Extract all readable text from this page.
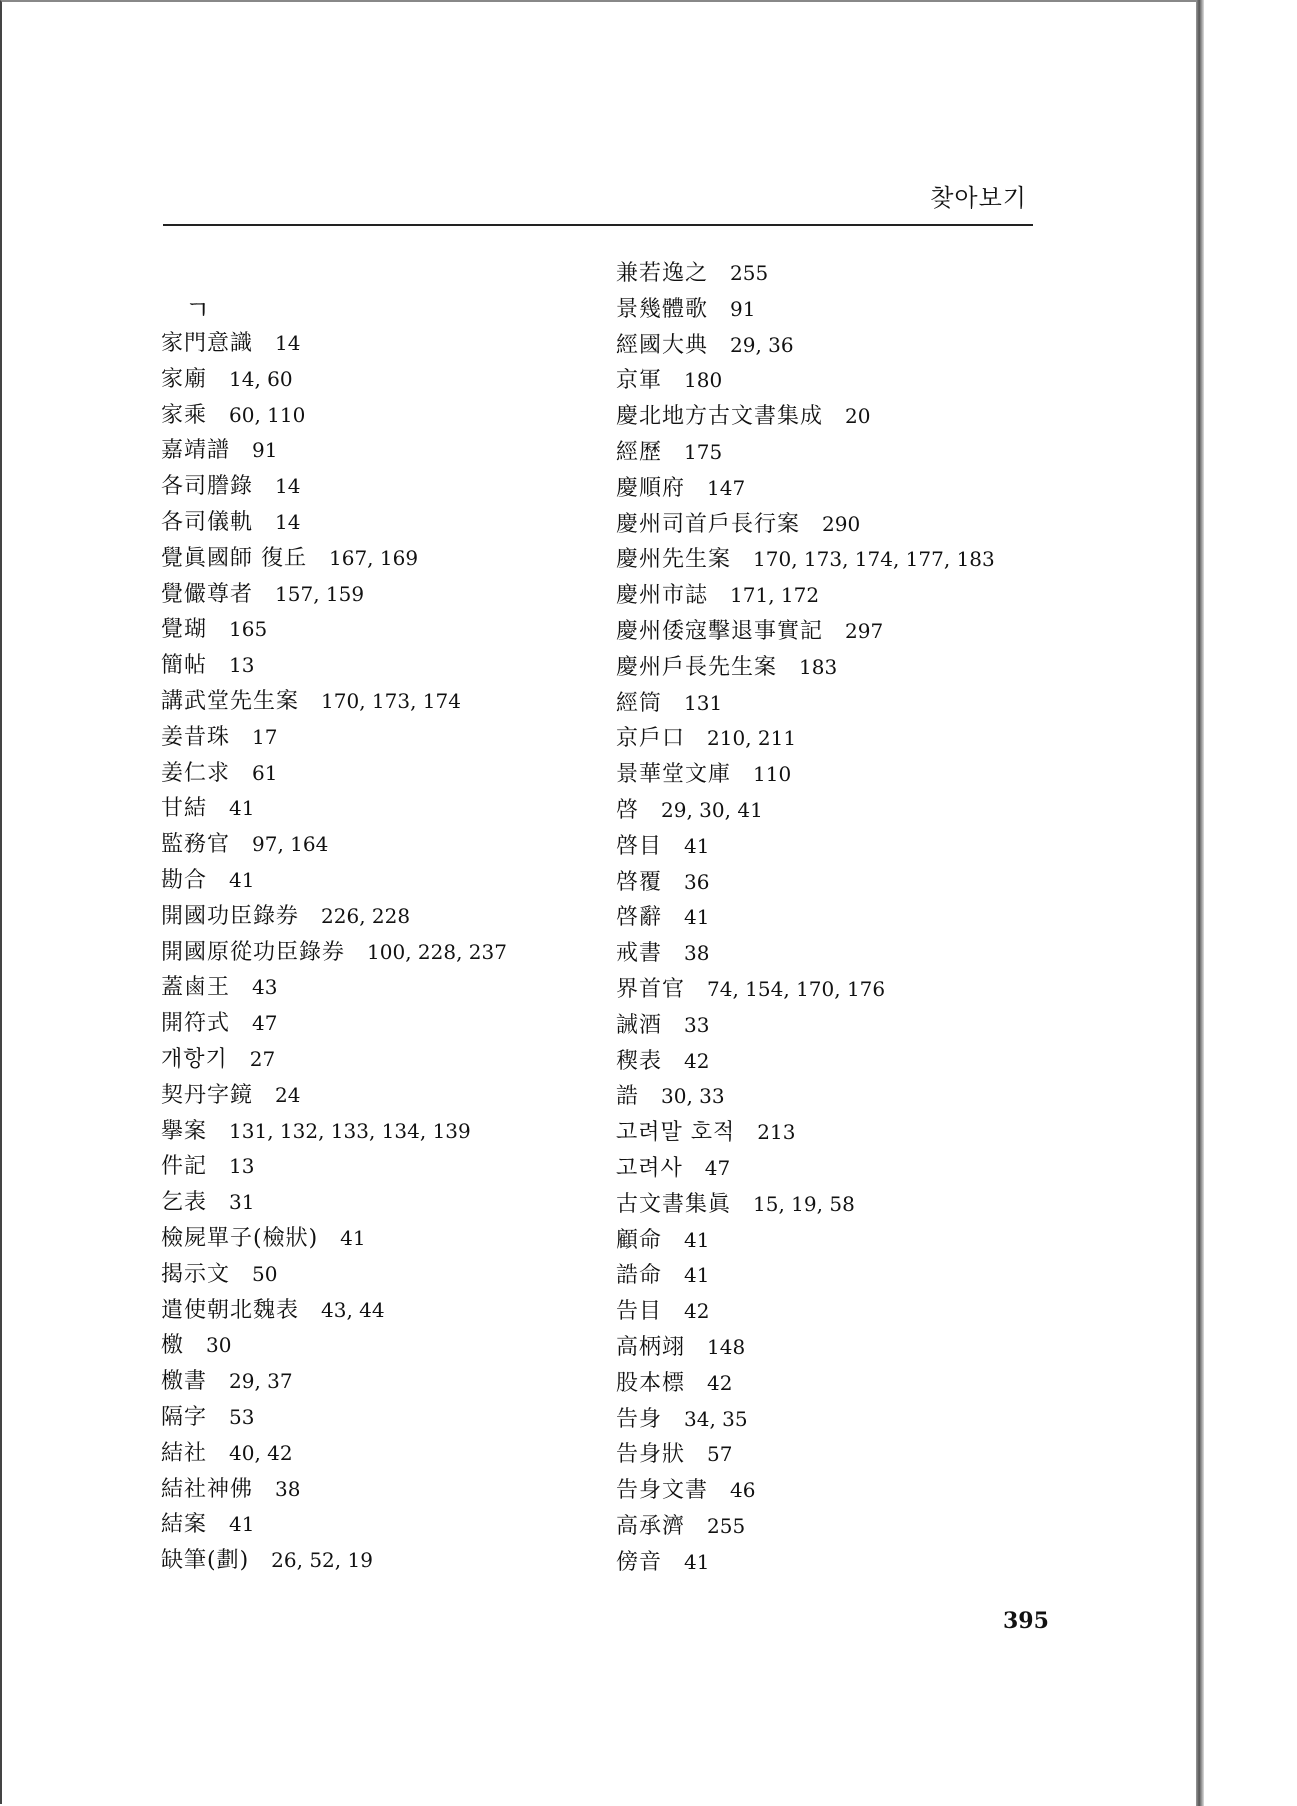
찾아보기
ㄱ
家門意識 14
家廟 14, 60
家乘 60, 110
嘉靖譜 91
各司謄錄 14
各司儀軌 14
覺眞國師 復丘 167, 169
覺儼尊者 157, 159
覺瑚 165
簡帖 13
講武堂先生案 170, 173, 174
姜昔珠 17
姜仁求 61
甘結 41
監務官 97, 164
勘合 41
開國功臣錄券 226, 228
開國原從功臣錄券 100, 228, 237
蓋鹵王 43
開符式 47
개항기 27
契丹字鏡 24
擧案 131, 132, 133, 134, 139
件記 13
乞表 31
檢屍單子(檢狀) 41
揭示文 50
遣使朝北魏表 43, 44
檄 30
檄書 29, 37
隔字 53
結社 40, 42
結社神佛 38
結案 41
缺筆(劃) 26, 52, 19
兼若逸之 255
景幾體歌 91
經國大典 29, 36
京軍 180
慶北地方古文書集成 20
經歷 175
慶順府 147
慶州司首戶長行案 290
慶州先生案 170, 173, 174, 177, 183
慶州市誌 171, 172
慶州倭寇擊退事實記 297
慶州戶長先生案 183
經筒 131
京戶口 210, 211
景華堂文庫 110
啓 29, 30, 41
啓目 41
啓覆 36
啓辭 41
戒書 38
界首官 74, 154, 170, 176
誡酒 33
稧表 42
誥 30, 33
고려말 호적 213
고려사 47
古文書集眞 15, 19, 58
顧命 41
誥命 41
告目 42
高柄翊 148
股本標 42
告身 34, 35
告身狀 57
告身文書 46
高承濟 255
傍音 41
395
